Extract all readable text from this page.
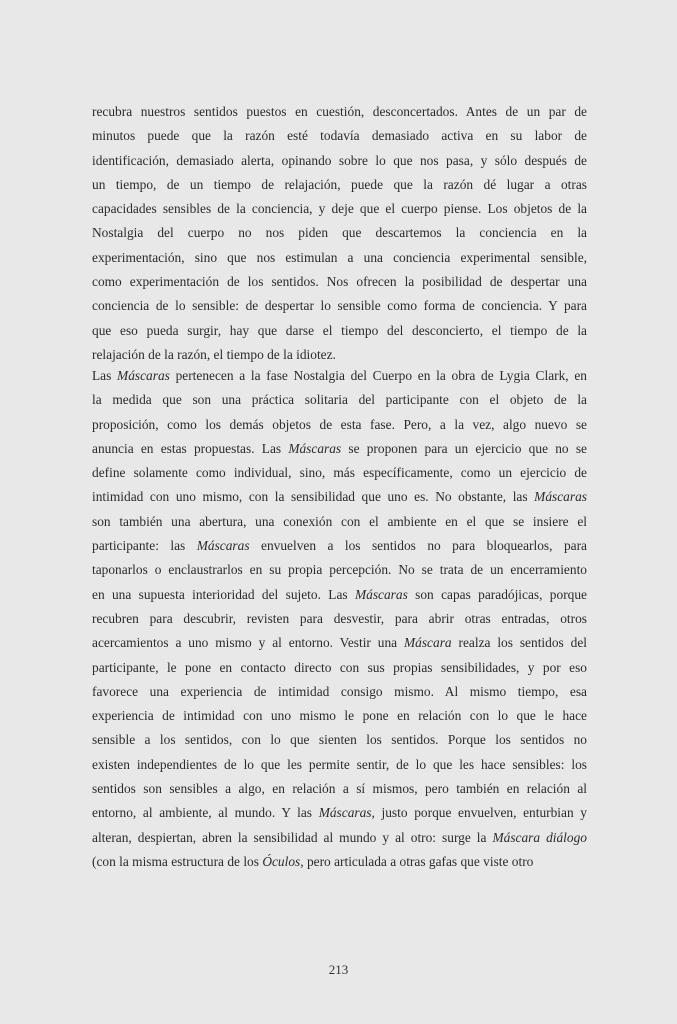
recubra nuestros sentidos puestos en cuestión, desconcertados. Antes de un par de
minutos puede que la razón esté todavía demasiado activa en su labor de
identificación, demasiado alerta, opinando sobre lo que nos pasa, y sólo después de
un tiempo, de un tiempo de relajación, puede que la razón dé lugar a otras
capacidades sensibles de la conciencia, y deje que el cuerpo piense. Los objetos de la
Nostalgia del cuerpo no nos piden que descartemos la conciencia en la
experimentación, sino que nos estimulan a una conciencia experimental sensible,
como experimentación de los sentidos. Nos ofrecen la posibilidad de despertar una
conciencia de lo sensible: de despertar lo sensible como forma de conciencia. Y para
que eso pueda surgir, hay que darse el tiempo del desconcierto, el tiempo de la
relajación de la razón, el tiempo de la idiotez.
Las Máscaras pertenecen a la fase Nostalgia del Cuerpo en la obra de Lygia Clark, en
la medida que son una práctica solitaria del participante con el objeto de la
proposición, como los demás objetos de esta fase. Pero, a la vez, algo nuevo se
anuncia en estas propuestas. Las Máscaras se proponen para un ejercicio que no se
define solamente como individual, sino, más específicamente, como un ejercicio de
intimidad con uno mismo, con la sensibilidad que uno es. No obstante, las Máscaras
son también una abertura, una conexión con el ambiente en el que se insiere el
participante: las Máscaras envuelven a los sentidos no para bloquearlos, para
taponarlos o enclaustrarlos en su propia percepción. No se trata de un encerramiento
en una supuesta interioridad del sujeto. Las Máscaras son capas paradójicas, porque
recubren para descubrir, revisten para desvestir, para abrir otras entradas, otros
acercamientos a uno mismo y al entorno. Vestir una Máscara realza los sentidos del
participante, le pone en contacto directo con sus propias sensibilidades, y por eso
favorece una experiencia de intimidad consigo mismo. Al mismo tiempo, esa
experiencia de intimidad con uno mismo le pone en relación con lo que le hace
sensible a los sentidos, con lo que sienten los sentidos. Porque los sentidos no
existen independientes de lo que les permite sentir, de lo que les hace sensibles: los
sentidos son sensibles a algo, en relación a sí mismos, pero también en relación al
entorno, al ambiente, al mundo. Y las Máscaras, justo porque envuelven, enturbian y
alteran, despiertan, abren la sensibilidad al mundo y al otro: surge la Máscara diálogo
(con la misma estructura de los Óculos, pero articulada a otras gafas que viste otro
213
